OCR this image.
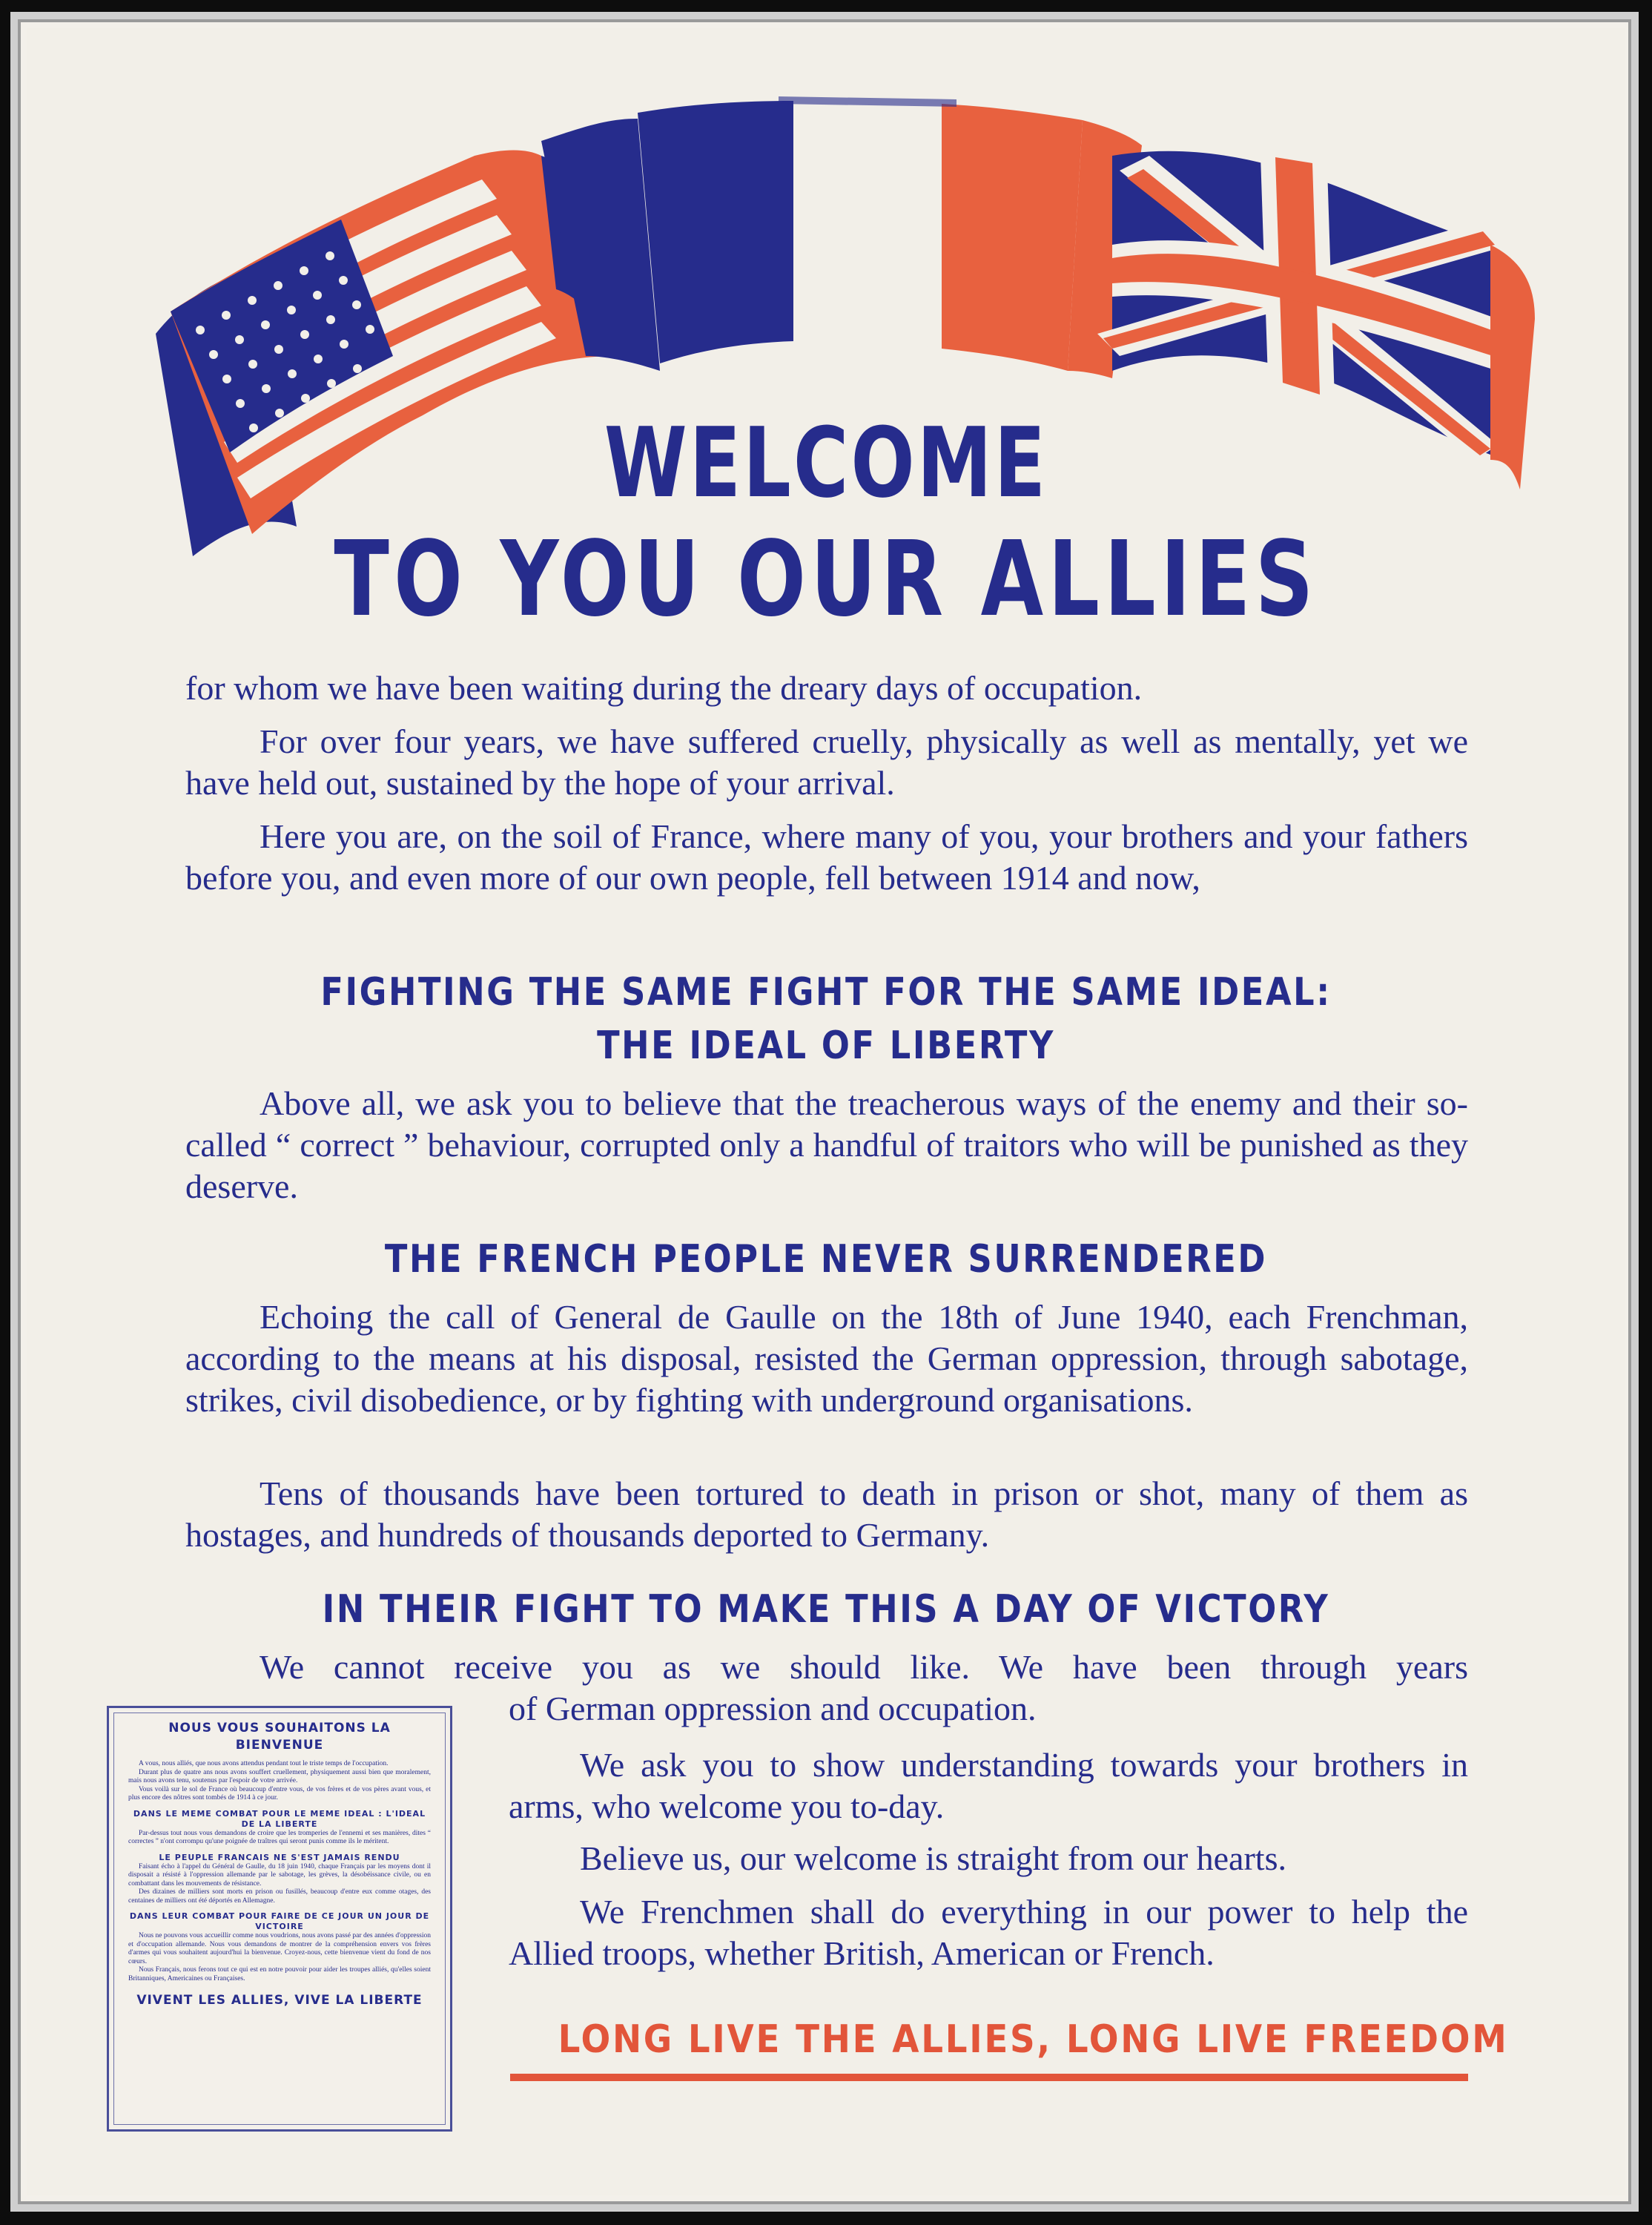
WELCOME
TO YOU OUR ALLIES
for whom we have been waiting during the dreary days of occupation.
For over four years, we have suffered cruelly, physically as well as mentally, yet we have held out, sustained by the hope of your arrival.
Here you are, on the soil of France, where many of you, your brothers and your fathers before you, and even more of our own people, fell between 1914 and now,
FIGHTING THE SAME FIGHT FOR THE SAME IDEAL:
THE IDEAL OF LIBERTY
Above all, we ask you to believe that the treacherous ways of the enemy and their so-called “ correct ” behaviour, corrupted only a handful of traitors who will be punished as they deserve.
THE FRENCH PEOPLE NEVER SURRENDERED
Echoing the call of General de Gaulle on the 18th of June 1940, each Frenchman, according to the means at his disposal, resisted the German oppression, through sabotage, strikes, civil disobedience, or by fighting with underground organisations.
Tens of thousands have been tortured to death in prison or shot, many of them as hostages, and hundreds of thousands deported to Germany.
IN THEIR FIGHT TO MAKE THIS A DAY OF VICTORY
We cannot receive you as we should like. We have been through years
of German oppression and occupation.
We ask you to show understanding towards your brothers in arms, who welcome you to-day.
Believe us, our welcome is straight from our hearts.
We Frenchmen shall do everything in our power to help the Allied troops, whether British, American or French.
LONG LIVE THE ALLIES, LONG LIVE FREEDOM
NOUS VOUS SOUHAITONS LA BIENVENUE

A vous, nous alliés, que nous avons attendus pendant tout le triste temps de l'occupation.

Durant plus de quatre ans nous avons souffert cruellement, physiquement aussi bien que moralement, mais nous avons tenu, soutenus par l'espoir de votre arrivée.

Vous voilà sur le sol de France où beaucoup d'entre vous, de vos frères et de vos pères avant vous, et plus encore des nôtres sont tombés de 1914 à ce jour.

DANS LE MEME COMBAT POUR LE MEME IDEAL : L'IDEAL DE LA LIBERTE

Par-dessus tout nous vous demandons de croire que les tromperies de l'ennemi et ses manières, dites “ correctes ” n'ont corrompu qu'une poignée de traîtres qui seront punis comme ils le méritent.

LE PEUPLE FRANCAIS NE S'EST JAMAIS RENDU

Faisant écho à l'appel du Général de Gaulle, du 18 juin 1940, chaque Français par les moyens dont il disposait a résisté à l'oppression allemande par le sabotage, les grèves, la désobéissance civile, ou en combattant dans les mouvements de résistance.

Des dizaines de milliers sont morts en prison ou fusillés, beaucoup d'entre eux comme otages, des centaines de milliers ont été déportés en Allemagne.

DANS LEUR COMBAT POUR FAIRE DE CE JOUR UN JOUR DE VICTOIRE

Nous ne pouvons vous accueillir comme nous voudrions, nous avons passé par des années d'oppression et d'occupation allemande. Nous vous demandons de montrer de la compréhension envers vos frères d'armes qui vous souhaitent aujourd'hui la bienvenue. Croyez-nous, cette bienvenue vient du fond de nos cœurs.

Nous Français, nous ferons tout ce qui est en notre pouvoir pour aider les troupes alliés, qu'elles soient Britanniques, Americaines ou Françaises.

VIVENT LES ALLIES, VIVE LA LIBERTE
